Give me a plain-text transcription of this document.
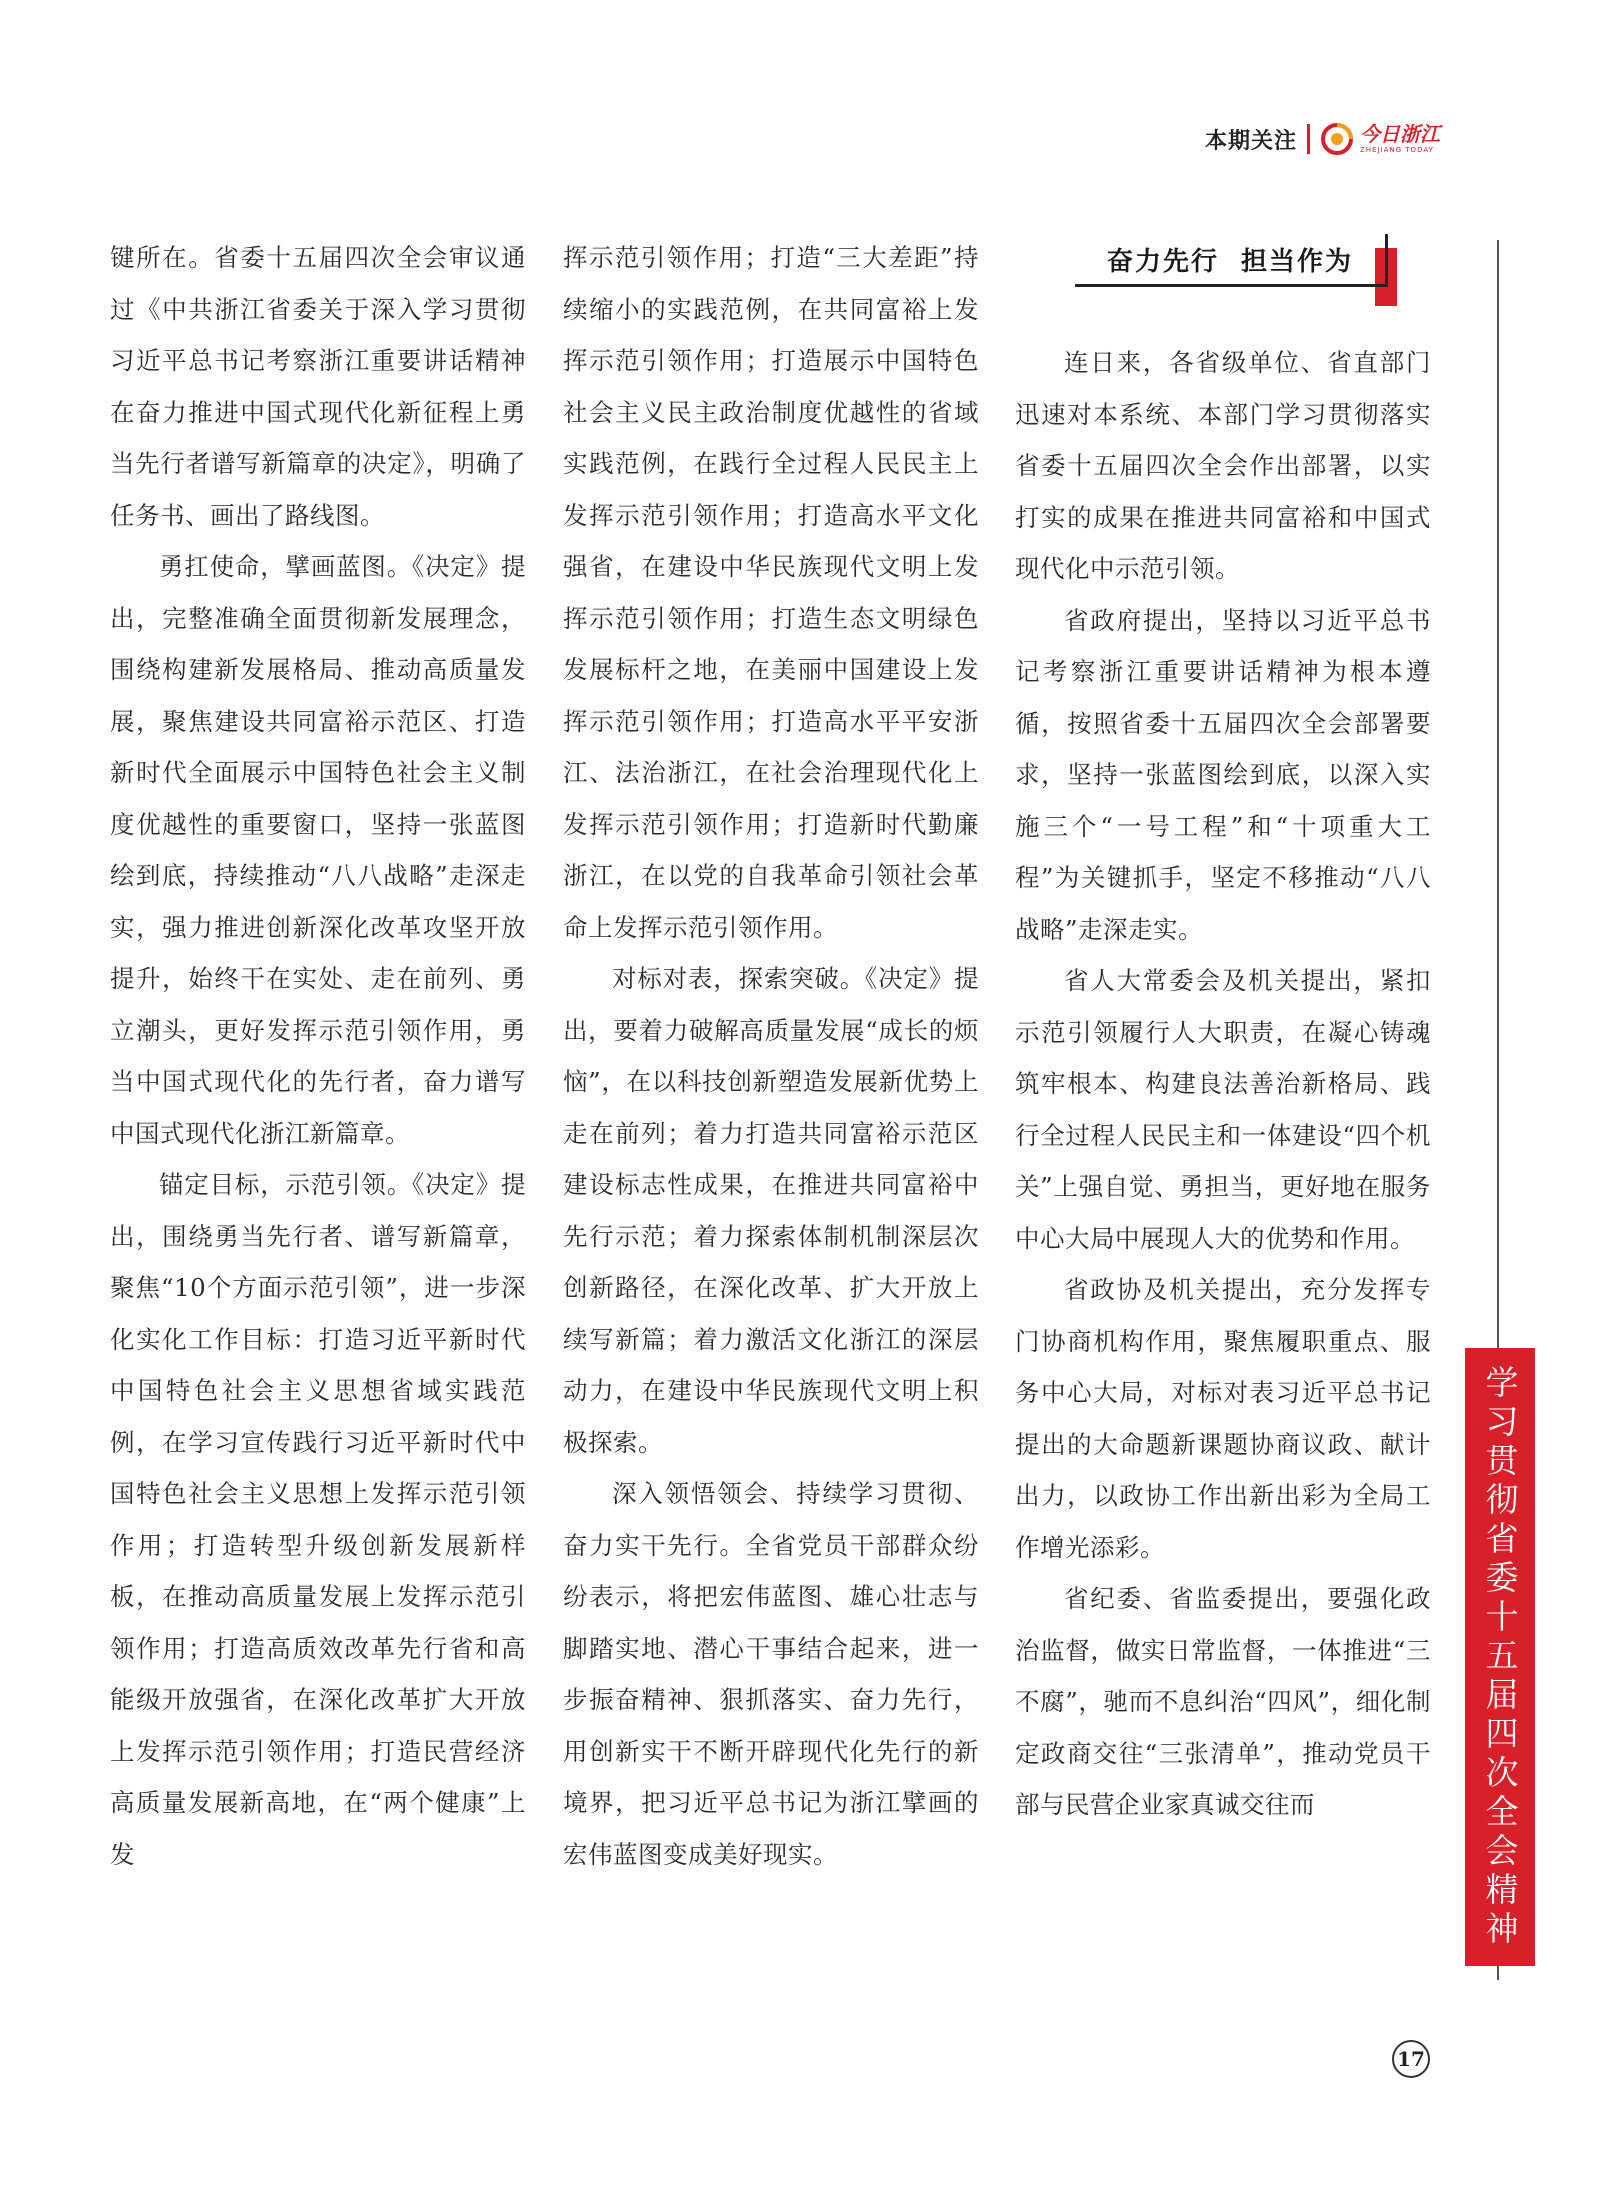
本期关注	今日浙江
ZHEJIANG TODAY

键所在。省委十五届四次全会审议通过《中共浙江省委关于深入学习贯彻习近平总书记考察浙江重要讲话精神 在奋力推进中国式现代化新征程上勇当先行者谱写新篇章的决定》，明确了任务书、画出了路线图。

勇扛使命，擘画蓝图。《决定》提出，完整准确全面贯彻新发展理念，围绕构建新发展格局、推动高质量发展，聚焦建设共同富裕示范区、打造新时代全面展示中国特色社会主义制度优越性的重要窗口，坚持一张蓝图绘到底，持续推动“八八战略”走深走实，强力推进创新深化改革攻坚开放提升，始终干在实处、走在前列、勇立潮头，更好发挥示范引领作用，勇当中国式现代化的先行者，奋力谱写中国式现代化浙江新篇章。

锚定目标，示范引领。《决定》提出，围绕勇当先行者、谱写新篇章，聚焦“10个方面示范引领”，进一步深化实化工作目标：打造习近平新时代中国特色社会主义思想省域实践范例，在学习宣传践行习近平新时代中国特色社会主义思想上发挥示范引领作用；打造转型升级创新发展新样板，在推动高质量发展上发挥示范引领作用；打造高质效改革先行省和高能级开放强省，在深化改革扩大开放上发挥示范引领作用；打造民营经济高质量发展新高地，在“两个健康”上发

挥示范引领作用；打造“三大差距”持续缩小的实践范例，在共同富裕上发挥示范引领作用；打造展示中国特色社会主义民主政治制度优越性的省域实践范例，在践行全过程人民民主上发挥示范引领作用；打造高水平文化强省，在建设中华民族现代文明上发挥示范引领作用；打造生态文明绿色发展标杆之地，在美丽中国建设上发挥示范引领作用；打造高水平平安浙江、法治浙江，在社会治理现代化上发挥示范引领作用；打造新时代勤廉浙江，在以党的自我革命引领社会革命上发挥示范引领作用。

对标对表，探索突破。《决定》提出，要着力破解高质量发展“成长的烦恼”，在以科技创新塑造发展新优势上走在前列；着力打造共同富裕示范区建设标志性成果，在推进共同富裕中先行示范；着力探索体制机制深层次创新路径，在深化改革、扩大开放上续写新篇；着力激活文化浙江的深层动力，在建设中华民族现代文明上积极探索。

深入领悟领会、持续学习贯彻、奋力实干先行。全省党员干部群众纷纷表示，将把宏伟蓝图、雄心壮志与脚踏实地、潜心干事结合起来，进一步振奋精神、狠抓落实、奋力先行，用创新实干不断开辟现代化先行的新境界，把习近平总书记为浙江擘画的宏伟蓝图变成美好现实。

奋力先行  担当作为

连日来，各省级单位、省直部门迅速对本系统、本部门学习贯彻落实省委十五届四次全会作出部署，以实打实的成果在推进共同富裕和中国式现代化中示范引领。

省政府提出，坚持以习近平总书记考察浙江重要讲话精神为根本遵循，按照省委十五届四次全会部署要求，坚持一张蓝图绘到底，以深入实施三个“一号工程”和“十项重大工程”为关键抓手，坚定不移推动“八八战略”走深走实。

省人大常委会及机关提出，紧扣示范引领履行人大职责，在凝心铸魂筑牢根本、构建良法善治新格局、践行全过程人民民主和一体建设“四个机关”上强自觉、勇担当，更好地在服务中心大局中展现人大的优势和作用。

省政协及机关提出，充分发挥专门协商机构作用，聚焦履职重点、服务中心大局，对标对表习近平总书记提出的大命题新课题协商议政、献计出力，以政协工作出新出彩为全局工作增光添彩。

省纪委、省监委提出，要强化政治监督，做实日常监督，一体推进“三不腐”，驰而不息纠治“四风”，细化制定政商交往“三张清单”，推动党员干部与民营企业家真诚交往而	学习贯彻省委十五届四次全会精神
17
